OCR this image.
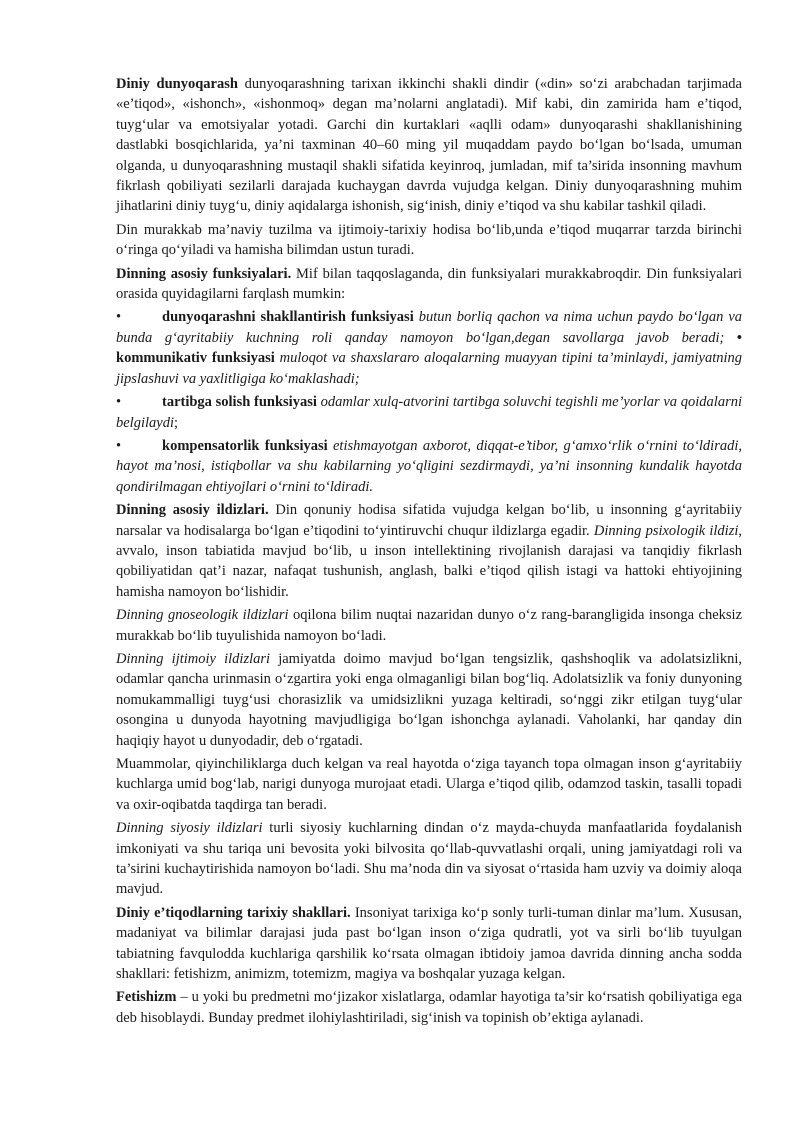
Diniy dunyoqarash dunyoqarashning tarixan ikkinchi shakli dindir («din» so‘zi arabchadan tarjimada «e’tiqod», «ishonch», «ishonmoq» degan ma’nolarni anglatadi). Mif kabi, din zamirida ham e’tiqod, tuyg‘ular va emotsiyalar yotadi. Garchi din kurtaklari «aqlli odam» dunyoqarashi shakllanishining dastlabki bosqichlarida, ya’ni taxminan 40–60 ming yil muqaddam paydo bo‘lgan bo‘lsada, umuman olganda, u dunyoqarashning mustaqil shakli sifatida keyinroq, jumladan, mif ta’sirida insonning mavhum fikrlash qobiliyati sezilarli darajada kuchaygan davrda vujudga kelgan. Diniy dunyoqarashning muhim jihatlarini diniy tuyg‘u, diniy aqidalarga ishonish, sig‘inish, diniy e’tiqod va shu kabilar tashkil qiladi.

Din murakkab ma’naviy tuzilma va ijtimoiy-tarixiy hodisa bo‘lib,unda e’tiqod muqarrar tarzda birinchi o‘ringa qo‘yiladi va hamisha bilimdan ustun turadi.

Dinning asosiy funksiyalari. Mif bilan taqqoslaganda, din funksiyalari murakkabroqdir. Din funksiyalari orasida quyidagilarni farqlash mumkin:

•	dunyoqarashni shakllantirish funksiyasi butun borliq qachon va nima uchun paydo bo‘lgan va bunda g‘ayritabiiy kuchning roli qanday namoyon bo‘lgan,degan savollarga javob beradi; • kommunikativ funksiyasi muloqot va shaxslararo aloqalarning muayyan tipini ta’minlaydi, jamiyatning jipslashuvi va yaxlitligiga ko‘maklashadi;

•	tartibga solish funksiyasi odamlar xulq-atvorini tartibga soluvchi tegishli me’yorlar va qoidalarni belgilaydi;

•	kompensatorlik funksiyasi etishmayotgan axborot, diqqat-e’tibor, g‘amxo‘rlik o‘rnini to‘ldiradi, hayot ma’nosi, istiqbollar va shu kabilarning yo‘qligini sezdirmaydi, ya’ni insonning kundalik hayotda qondirilmagan ehtiyojlari o‘rnini to‘ldiradi.

Dinning asosiy ildizlari. Din qonuniy hodisa sifatida vujudga kelgan bo‘lib, u insonning g‘ayritabiiy narsalar va hodisalarga bo‘lgan e’tiqodini to‘yintiruvchi chuqur ildizlarga egadir. Dinning psixologik ildizi, avvalo, inson tabiatida mavjud bo‘lib, u inson intellektining rivojlanish darajasi va tanqidiy fikrlash qobiliyatidan qat’i nazar, nafaqat tushunish, anglash, balki e’tiqod qilish istagi va hattoki ehtiyojining hamisha namoyon bo‘lishidir.

Dinning gnoseologik ildizlari oqilona bilim nuqtai nazaridan dunyo o‘z rang-barangligida insonga cheksiz murakkab bo‘lib tuyulishida namoyon bo‘ladi.

Dinning ijtimoiy ildizlari jamiyatda doimo mavjud bo‘lgan tengsizlik, qashshoqlik va adolatsizlikni, odamlar qancha urinmasin o‘zgartira yoki enga olmaganligi bilan bog‘liq. Adolatsizlik va foniy dunyoning nomukammalligi tuyg‘usi chorasizlik va umidsizlikni yuzaga keltiradi, so‘nggi zikr etilgan tuyg‘ular osongina u dunyoda hayotning mavjudligiga bo‘lgan ishonchga aylanadi. Vaholanki, har qanday din haqiqiy hayot u dunyodadir, deb o‘rgatadi.

Muammolar, qiyinchiliklarga duch kelgan va real hayotda o‘ziga tayanch topa olmagan inson g‘ayritabiiy kuchlarga umid bog‘lab, narigi dunyoga murojaat etadi. Ularga e’tiqod qilib, odamzod taskin, tasalli topadi va oxir-oqibatda taqdirga tan beradi.

Dinning siyosiy ildizlari turli siyosiy kuchlarning dindan o‘z mayda-chuyda manfaatlarida foydalanish imkoniyati va shu tariqa uni bevosita yoki bilvosita qo‘llab-quvvatlashi orqali, uning jamiyatdagi roli va ta’sirini kuchaytirishida namoyon bo‘ladi. Shu ma’noda din va siyosat o‘rtasida ham uzviy va doimiy aloqa mavjud.

Diniy e’tiqodlarning tarixiy shakllari. Insoniyat tarixiga ko‘p sonly turli-tuman dinlar ma’lum. Xususan, madaniyat va bilimlar darajasi juda past bo‘lgan inson o‘ziga qudratli, yot va sirli bo‘lib tuyulgan tabiatning favqulodda kuchlariga qarshilik ko‘rsata olmagan ibtidoiy jamoa davrida dinning ancha sodda shakllari: fetishizm, animizm, totemizm, magiya va boshqalar yuzaga kelgan.

Fetishizm – u yoki bu predmetni mo‘jizakor xislatlarga, odamlar hayotiga ta’sir ko‘rsatish qobiliyatiga ega deb hisoblaydi. Bunday predmet ilohiylashtiriladi, sig‘inish va topinish ob’ektiga aylanadi.
